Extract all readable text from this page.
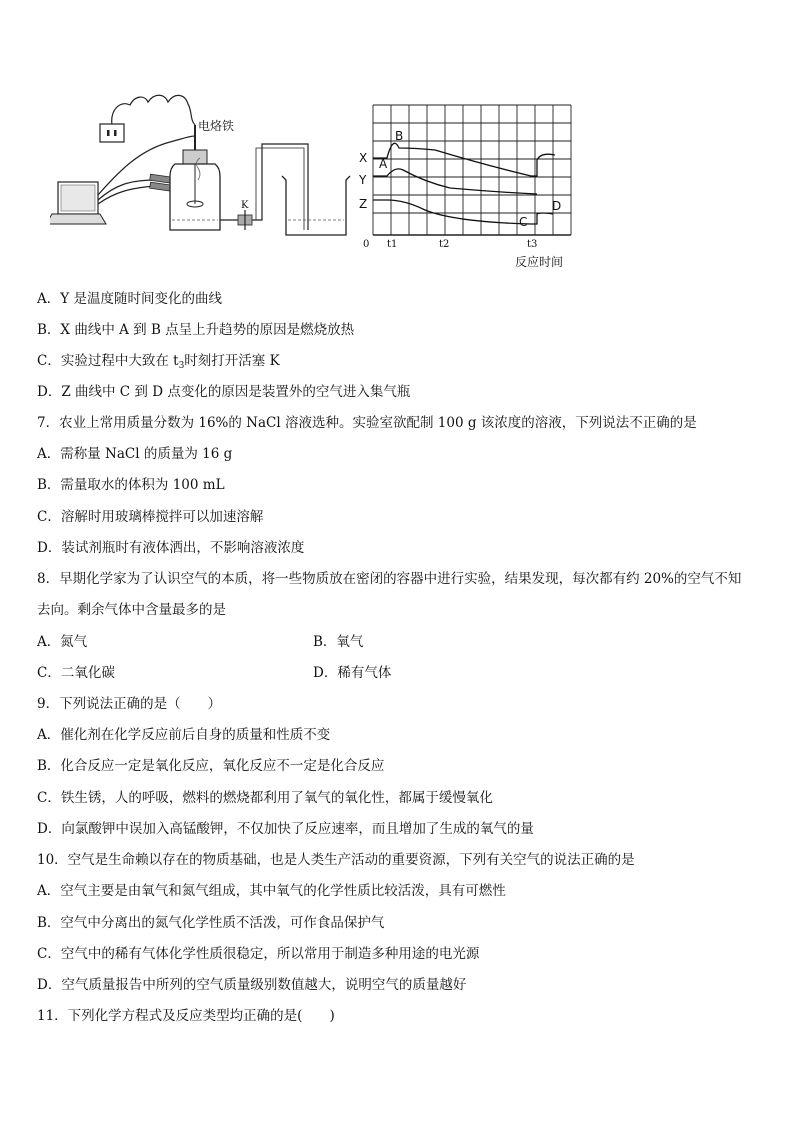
电烙铁
K
X
Y
Z
A
B
C
D
0 t1	t2	t3
反应时间
A．Y 是温度随时间变化的曲线
B．X 曲线中 A 到 B 点呈上升趋势的原因是燃烧放热
C．实验过程中大致在 $t_3$时刻打开活塞 K
D．Z 曲线中 C 到 D 点变化的原因是装置外的空气进入集气瓶
7．农业上常用质量分数为 16%的 NaCl 溶液选种。实验室欲配制 100 g 该浓度的溶液，下列说法不正确的是
A．需称量 NaCl 的质量为 16 g
B．需量取水的体积为 100 mL
C．溶解时用玻璃棒搅拌可以加速溶解
D．装试剂瓶时有液体洒出，不影响溶液浓度
8．早期化学家为了认识空气的本质，将一些物质放在密闭的容器中进行实验，结果发现，每次都有约 20%的空气不知
去向。剩余气体中含量最多的是
A．氮气	B．氧气
C．二氧化碳	D．稀有气体
9．下列说法正确的是（　　）
A．催化剂在化学反应前后自身的质量和性质不变
B．化合反应一定是氧化反应，氧化反应不一定是化合反应
C．铁生锈，人的呼吸，燃料的燃烧都利用了氧气的氧化性，都属于缓慢氧化
D．向氯酸钾中误加入高锰酸钾，不仅加快了反应速率，而且增加了生成的氧气的量
10．空气是生命赖以存在的物质基础，也是人类生产活动的重要资源，下列有关空气的说法正确的是
A．空气主要是由氧气和氮气组成，其中氧气的化学性质比较活泼，具有可燃性
B．空气中分离出的氮气化学性质不活泼，可作食品保护气
C．空气中的稀有气体化学性质很稳定，所以常用于制造多种用途的电光源
D．空气质量报告中所列的空气质量级别数值越大，说明空气的质量越好
11．下列化学方程式及反应类型均正确的是(　　)
